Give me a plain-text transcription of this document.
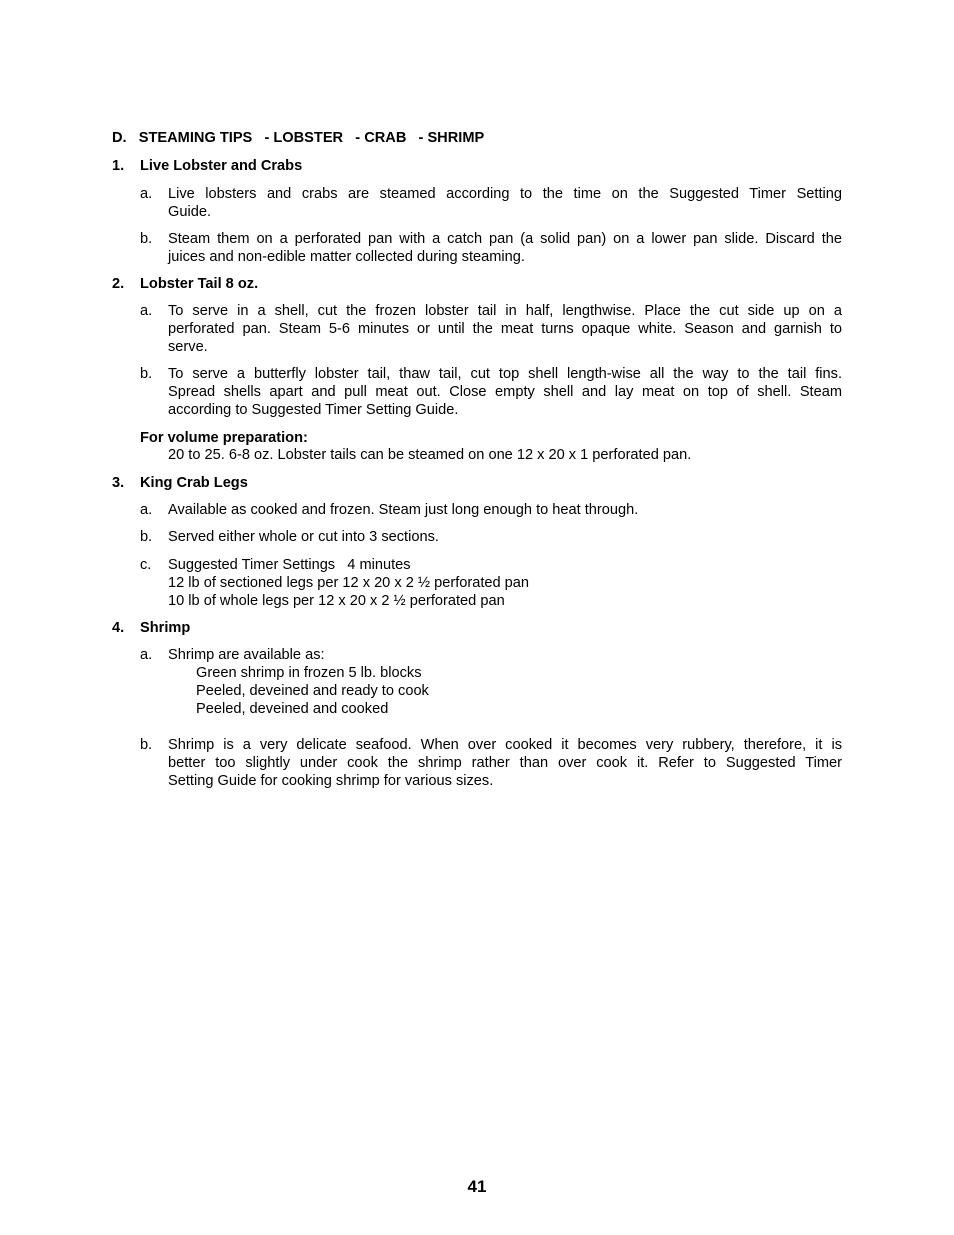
D. STEAMING TIPS - LOBSTER - CRAB - SHRIMP
1.	Live Lobster and Crabs
a.	Live lobsters and crabs are steamed according to the time on the Suggested Timer Setting
Guide.
b.	Steam them on a perforated pan with a catch pan (a solid pan) on a lower pan slide. Discard the
juices and non-edible matter collected during steaming.
2.	Lobster Tail 8 oz.
a.	To serve in a shell, cut the frozen lobster tail in half, lengthwise. Place the cut side up on a
perforated pan. Steam 5-6 minutes or until the meat turns opaque white. Season and garnish to
serve.
b.	To serve a butterfly lobster tail, thaw tail, cut top shell length-wise all the way to the tail fins.
Spread shells apart and pull meat out. Close empty shell and lay meat on top of shell. Steam
according to Suggested Timer Setting Guide.
For volume preparation:
20 to 25. 6-8 oz. Lobster tails can be steamed on one 12 x 20 x 1 perforated pan.
3.	King Crab Legs
a.	Available as cooked and frozen. Steam just long enough to heat through.
b.	Served either whole or cut into 3 sections.
c.	Suggested Timer Settings   4 minutes
12 lb of sectioned legs per 12 x 20 x 2 ½ perforated pan
10 lb of whole legs per 12 x 20 x 2 ½ perforated pan
4.	Shrimp
a.	Shrimp are available as:
Green shrimp in frozen 5 lb. blocks
Peeled, deveined and ready to cook
Peeled, deveined and cooked
b.	Shrimp is a very delicate seafood. When over cooked it becomes very rubbery, therefore, it is
better too slightly under cook the shrimp rather than over cook it. Refer to Suggested Timer
Setting Guide for cooking shrimp for various sizes.
41
